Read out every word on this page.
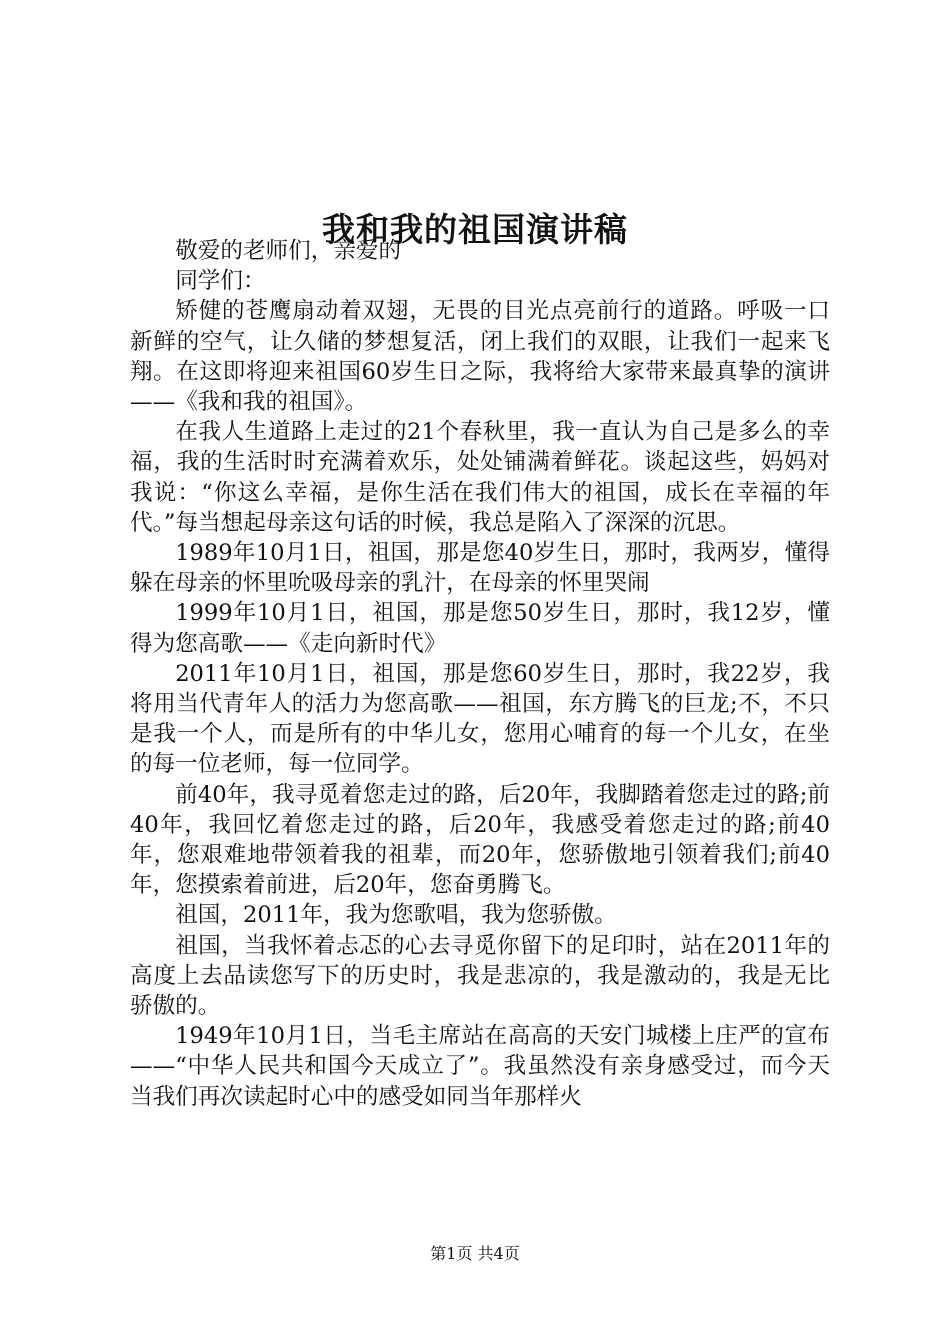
我和我的祖国演讲稿

敬爱的老师们，亲爱的

同学们：

矫健的苍鹰扇动着双翅，无畏的目光点亮前行的道路。呼吸一口新鲜的空气，让久储的梦想复活，闭上我们的双眼，让我们一起来飞翔。在这即将迎来祖国60岁生日之际，我将给大家带来最真挚的演讲——《我和我的祖国》。

在我人生道路上走过的21个春秋里，我一直认为自己是多么的幸福，我的生活时时充满着欢乐，处处铺满着鲜花。谈起这些，妈妈对我说：“你这么幸福，是你生活在我们伟大的祖国，成长在幸福的年代。”每当想起母亲这句话的时候，我总是陷入了深深的沉思。

1989年10月1日，祖国，那是您40岁生日，那时，我两岁，懂得躲在母亲的怀里吮吸母亲的乳汁，在母亲的怀里哭闹

1999年10月1日，祖国，那是您50岁生日，那时，我12岁，懂得为您高歌——《走向新时代》

2011年10月1日，祖国，那是您60岁生日，那时，我22岁，我将用当代青年人的活力为您高歌——祖国，东方腾飞的巨龙;不，不只是我一个人，而是所有的中华儿女，您用心哺育的每一个儿女，在坐的每一位老师，每一位同学。

前40年，我寻觅着您走过的路，后20年，我脚踏着您走过的路;前40年，我回忆着您走过的路，后20年，我感受着您走过的路;前40年，您艰难地带领着我的祖辈，而20年，您骄傲地引领着我们;前40年，您摸索着前进，后20年，您奋勇腾飞。

祖国，2011年，我为您歌唱，我为您骄傲。

祖国，当我怀着忐忑的心去寻觅你留下的足印时，站在2011年的高度上去品读您写下的历史时，我是悲凉的，我是激动的，我是无比骄傲的。

1949年10月1日，当毛主席站在高高的天安门城楼上庄严的宣布——“中华人民共和国今天成立了”。我虽然没有亲身感受过，而今天当我们再次读起时心中的感受如同当年那样火

第1页 共4页
